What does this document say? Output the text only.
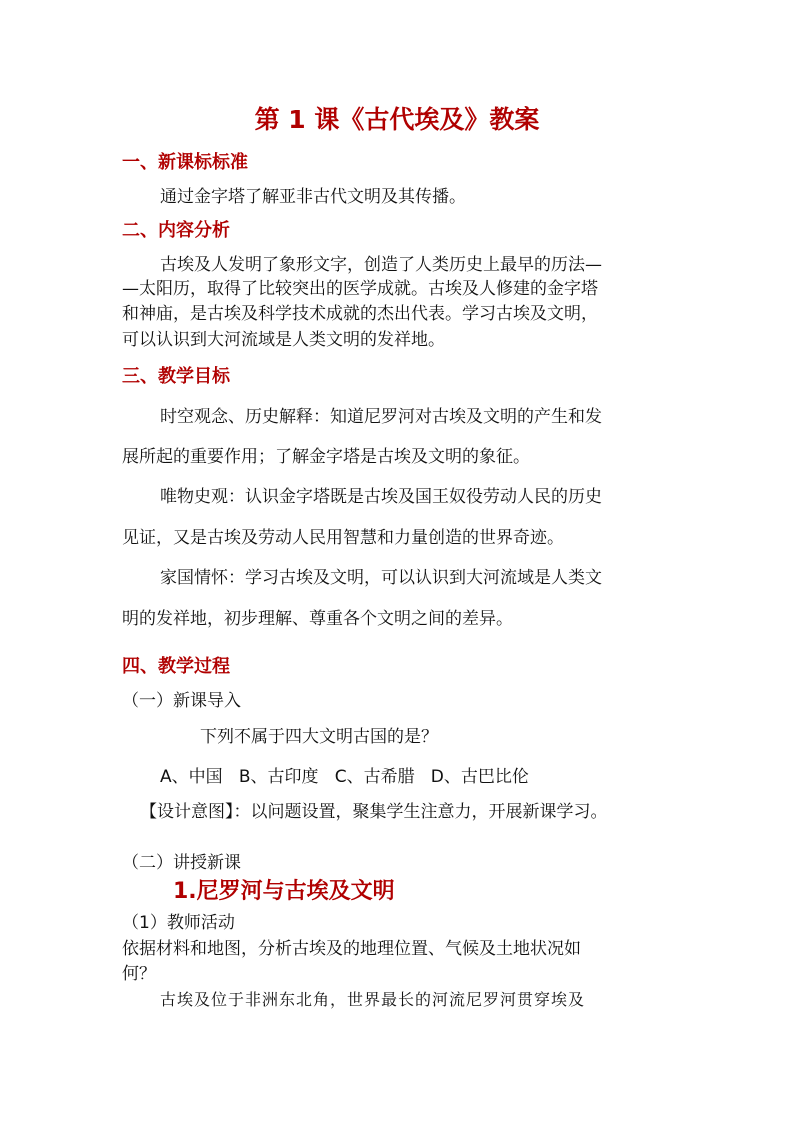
第 1 课《古代埃及》教案
一、新课标标准
通过金字塔了解亚非古代文明及其传播。
二、内容分析
古埃及人发明了象形文字，创造了人类历史上最早的历法—
—太阳历，取得了比较突出的医学成就。古埃及人修建的金字塔
和神庙，是古埃及科学技术成就的杰出代表。学习古埃及文明，
可以认识到大河流域是人类文明的发祥地。
三、教学目标
时空观念、历史解释：知道尼罗河对古埃及文明的产生和发
展所起的重要作用；了解金字塔是古埃及文明的象征。
唯物史观：认识金字塔既是古埃及国王奴役劳动人民的历史
见证，又是古埃及劳动人民用智慧和力量创造的世界奇迹。
家国情怀：学习古埃及文明，可以认识到大河流域是人类文
明的发祥地，初步理解、尊重各个文明之间的差异。
四、教学过程
（一）新课导入
下列不属于四大文明古国的是？
A、中国   B、古印度   C、古希腊   D、古巴比伦
【设计意图】：以问题设置，聚集学生注意力，开展新课学习。
（二）讲授新课
1.尼罗河与古埃及文明
（1）教师活动
依据材料和地图，分析古埃及的地理位置、气候及土地状况如
何？
古埃及位于非洲东北角，世界最长的河流尼罗河贯穿埃及
